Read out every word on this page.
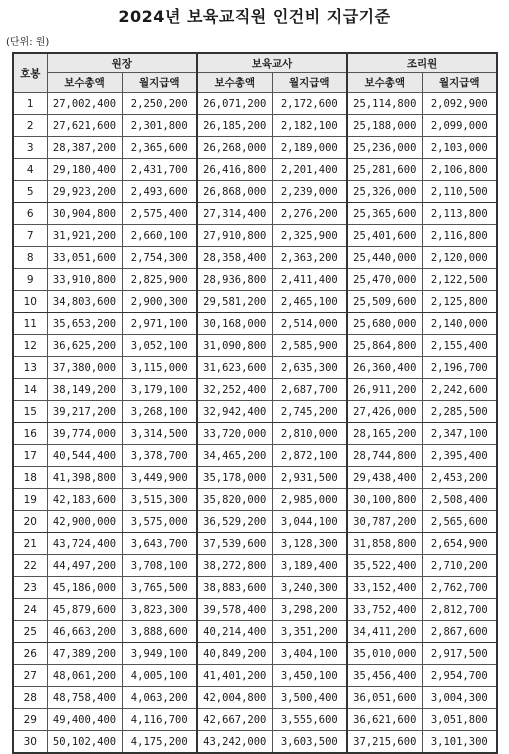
2024년 보육교직원 인건비 지급기준
(단위: 원)
호봉	원장		보육교사		조리원	
	보수총액	월지급액	보수총액	월지급액	보수총액	월지급액
1	27,002,400	2,250,200	26,071,200	2,172,600	25,114,800	2,092,900
2	27,621,600	2,301,800	26,185,200	2,182,100	25,188,000	2,099,000
3	28,387,200	2,365,600	26,268,000	2,189,000	25,236,000	2,103,000
4	29,180,400	2,431,700	26,416,800	2,201,400	25,281,600	2,106,800
5	29,923,200	2,493,600	26,868,000	2,239,000	25,326,000	2,110,500
6	30,904,800	2,575,400	27,314,400	2,276,200	25,365,600	2,113,800
7	31,921,200	2,660,100	27,910,800	2,325,900	25,401,600	2,116,800
8	33,051,600	2,754,300	28,358,400	2,363,200	25,440,000	2,120,000
9	33,910,800	2,825,900	28,936,800	2,411,400	25,470,000	2,122,500
10	34,803,600	2,900,300	29,581,200	2,465,100	25,509,600	2,125,800
11	35,653,200	2,971,100	30,168,000	2,514,000	25,680,000	2,140,000
12	36,625,200	3,052,100	31,090,800	2,585,900	25,864,800	2,155,400
13	37,380,000	3,115,000	31,623,600	2,635,300	26,360,400	2,196,700
14	38,149,200	3,179,100	32,252,400	2,687,700	26,911,200	2,242,600
15	39,217,200	3,268,100	32,942,400	2,745,200	27,426,000	2,285,500
16	39,774,000	3,314,500	33,720,000	2,810,000	28,165,200	2,347,100
17	40,544,400	3,378,700	34,465,200	2,872,100	28,744,800	2,395,400
18	41,398,800	3,449,900	35,178,000	2,931,500	29,438,400	2,453,200
19	42,183,600	3,515,300	35,820,000	2,985,000	30,100,800	2,508,400
20	42,900,000	3,575,000	36,529,200	3,044,100	30,787,200	2,565,600
21	43,724,400	3,643,700	37,539,600	3,128,300	31,858,800	2,654,900
22	44,497,200	3,708,100	38,272,800	3,189,400	35,522,400	2,710,200
23	45,186,000	3,765,500	38,883,600	3,240,300	33,152,400	2,762,700
24	45,879,600	3,823,300	39,578,400	3,298,200	33,752,400	2,812,700
25	46,663,200	3,888,600	40,214,400	3,351,200	34,411,200	2,867,600
26	47,389,200	3,949,100	40,849,200	3,404,100	35,010,000	2,917,500
27	48,061,200	4,005,100	41,401,200	3,450,100	35,456,400	2,954,700
28	48,758,400	4,063,200	42,004,800	3,500,400	36,051,600	3,004,300
29	49,400,400	4,116,700	42,667,200	3,555,600	36,621,600	3,051,800
30	50,102,400	4,175,200	43,242,000	3,603,500	37,215,600	3,101,300
